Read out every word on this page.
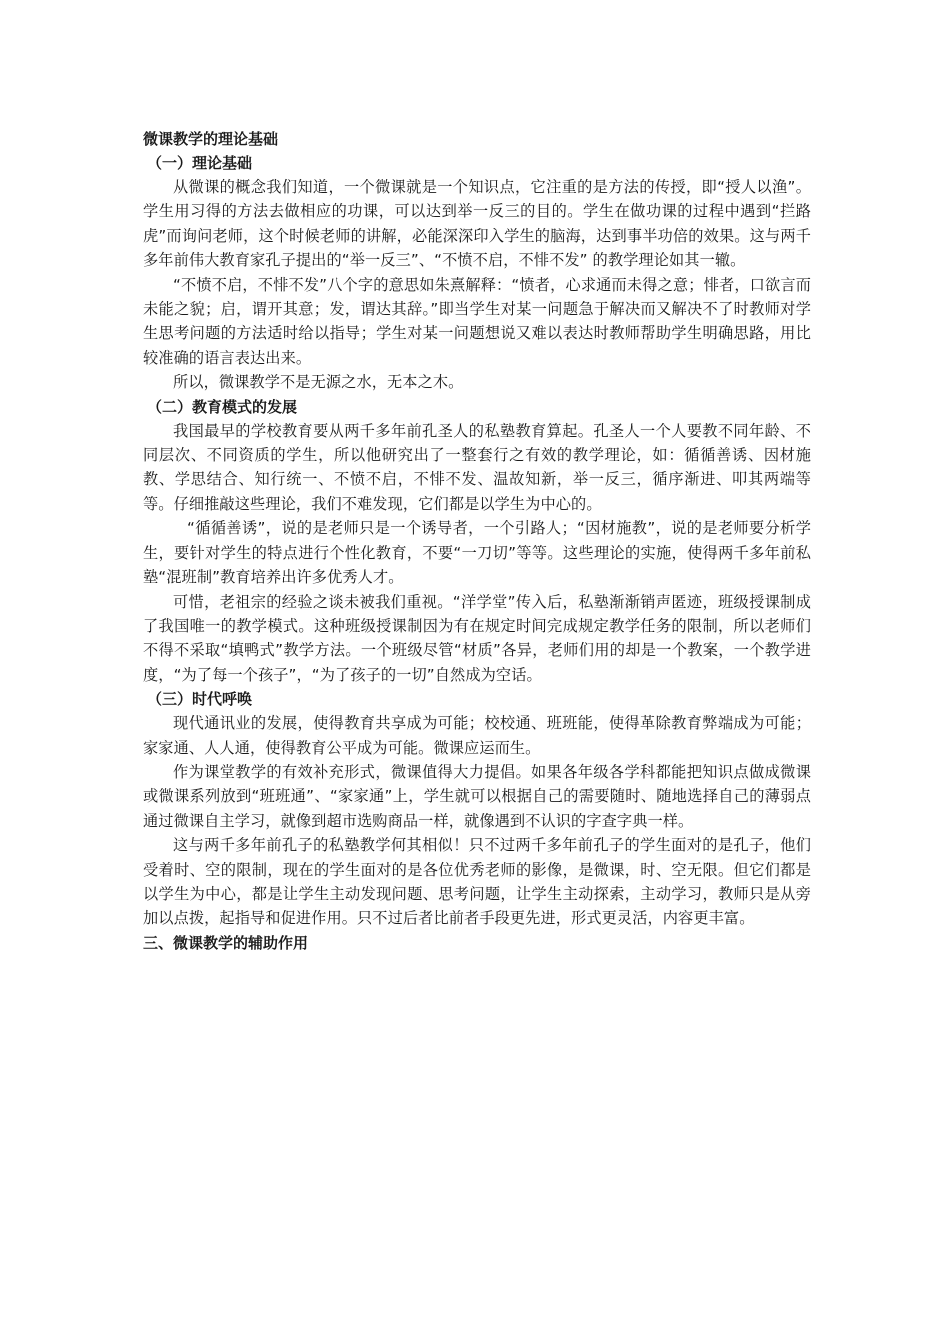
微课教学的理论基础

（一）理论基础

从微课的概念我们知道，一个微课就是一个知识点，它注重的是方法的传授，即“授人以渔”。学生用习得的方法去做相应的功课，可以达到举一反三的目的。学生在做功课的过程中遇到“拦路虎”而询问老师，这个时候老师的讲解，必能深深印入学生的脑海，达到事半功倍的效果。这与两千多年前伟大教育家孔子提出的“举一反三”、“不愤不启，不悱不发” 的教学理论如其一辙。

“不愤不启，不悱不发”八个字的意思如朱熹解释：“愤者，心求通而未得之意；悱者，口欲言而未能之貌；启，谓开其意；发，谓达其辞。”即当学生对某一问题急于解决而又解决不了时教师对学生思考问题的方法适时给以指导；学生对某一问题想说又难以表达时教师帮助学生明确思路，用比较准确的语言表达出来。

所以，微课教学不是无源之水，无本之木。

（二）教育模式的发展

我国最早的学校教育要从两千多年前孔圣人的私塾教育算起。孔圣人一个人要教不同年龄、不同层次、不同资质的学生，所以他研究出了一整套行之有效的教学理论，如：循循善诱、因材施教、学思结合、知行统一、不愤不启，不悱不发、温故知新，举一反三，循序渐进、叩其两端等等。仔细推敲这些理论，我们不难发现，它们都是以学生为中心的。

“循循善诱”，说的是老师只是一个诱导者，一个引路人；“因材施教”，说的是老师要分析学生，要针对学生的特点进行个性化教育，不要“一刀切”等等。这些理论的实施，使得两千多年前私塾“混班制”教育培养出许多优秀人才。

可惜，老祖宗的经验之谈未被我们重视。“洋学堂”传入后，私塾渐渐销声匿迹，班级授课制成了我国唯一的教学模式。这种班级授课制因为有在规定时间完成规定教学任务的限制，所以老师们不得不采取“填鸭式”教学方法。一个班级尽管“材质”各异，老师们用的却是一个教案，一个教学进度，“为了每一个孩子”，“为了孩子的一切”自然成为空话。

（三）时代呼唤

现代通讯业的发展，使得教育共享成为可能；校校通、班班能，使得革除教育弊端成为可能；家家通、人人通，使得教育公平成为可能。微课应运而生。

作为课堂教学的有效补充形式，微课值得大力提倡。如果各年级各学科都能把知识点做成微课或微课系列放到“班班通”、“家家通”上，学生就可以根据自己的需要随时、随地选择自己的薄弱点通过微课自主学习，就像到超市选购商品一样，就像遇到不认识的字查字典一样。

这与两千多年前孔子的私塾教学何其相似！只不过两千多年前孔子的学生面对的是孔子，他们受着时、空的限制，现在的学生面对的是各位优秀老师的影像，是微课，时、空无限。但它们都是以学生为中心，都是让学生主动发现问题、思考问题，让学生主动探索，主动学习，教师只是从旁加以点拨，起指导和促进作用。只不过后者比前者手段更先进，形式更灵活，内容更丰富。

三、微课教学的辅助作用
